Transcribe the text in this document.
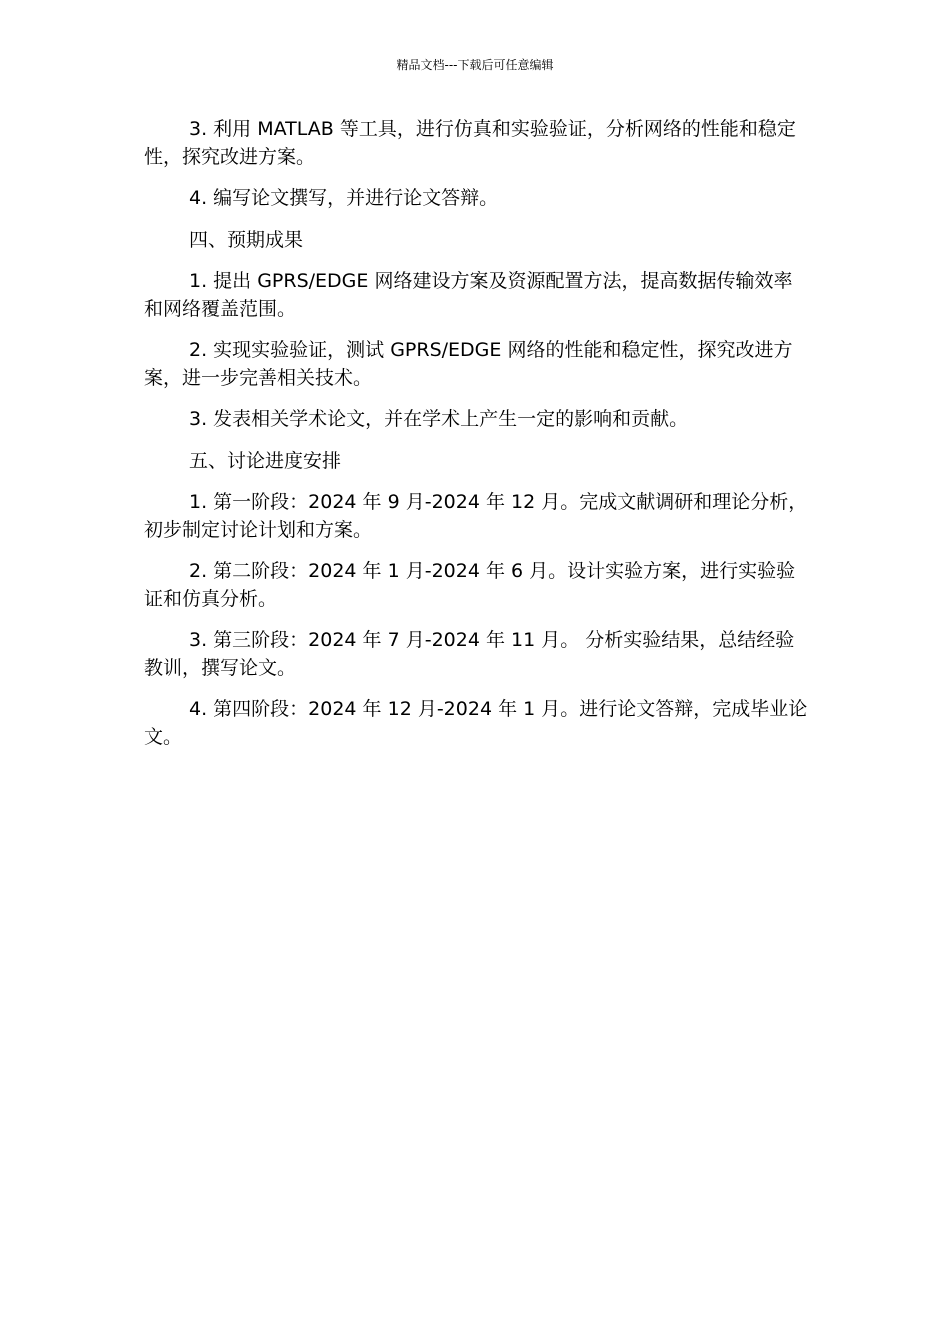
精品文档---下载后可任意编辑

3. 利用 MATLAB 等工具，进行仿真和实验验证，分析网络的性能和稳定性，探究改进方案。

4. 编写论文撰写，并进行论文答辩。

四、预期成果

1. 提出 GPRS/EDGE 网络建设方案及资源配置方法，提高数据传输效率和网络覆盖范围。

2. 实现实验验证，测试 GPRS/EDGE 网络的性能和稳定性，探究改进方案，进一步完善相关技术。

3. 发表相关学术论文，并在学术上产生一定的影响和贡献。

五、讨论进度安排

1. 第一阶段：2024 年 9 月-2024 年 12 月。完成文献调研和理论分析，初步制定讨论计划和方案。

2. 第二阶段：2024 年 1 月-2024 年 6 月。设计实验方案，进行实验验证和仿真分析。

3. 第三阶段：2024 年 7 月-2024 年 11 月。 分析实验结果，总结经验教训，撰写论文。

4. 第四阶段：2024 年 12 月-2024 年 1 月。进行论文答辩，完成毕业论文。
